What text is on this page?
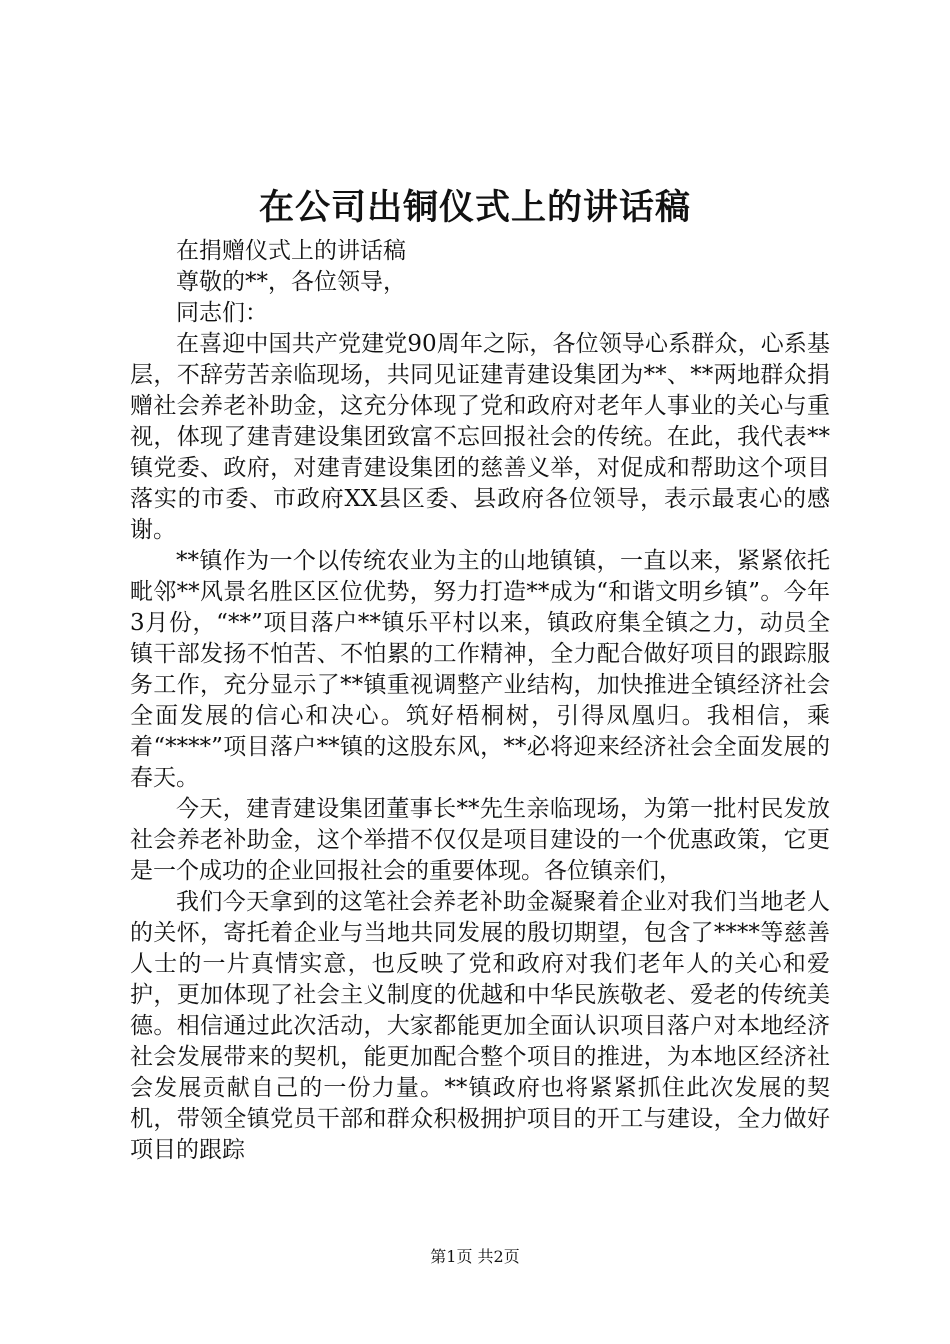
在公司出铜仪式上的讲话稿

在捐赠仪式上的讲话稿

尊敬的**，各位领导，

同志们：

在喜迎中国共产党建党90周年之际，各位领导心系群众，心系基层，不辞劳苦亲临现场，共同见证建青建设集团为**、**两地群众捐赠社会养老补助金，这充分体现了党和政府对老年人事业的关心与重视，体现了建青建设集团致富不忘回报社会的传统。在此，我代表**镇党委、政府，对建青建设集团的慈善义举，对促成和帮助这个项目落实的市委、市政府XX县区委、县政府各位领导，表示最衷心的感谢。

**镇作为一个以传统农业为主的山地镇镇，一直以来，紧紧依托毗邻**风景名胜区区位优势，努力打造**成为“和谐文明乡镇”。今年3月份，“**”项目落户**镇乐平村以来，镇政府集全镇之力，动员全镇干部发扬不怕苦、不怕累的工作精神，全力配合做好项目的跟踪服务工作，充分显示了**镇重视调整产业结构，加快推进全镇经济社会全面发展的信心和决心。筑好梧桐树，引得凤凰归。我相信，乘着“****”项目落户**镇的这股东风，**必将迎来经济社会全面发展的春天。

今天，建青建设集团董事长**先生亲临现场，为第一批村民发放社会养老补助金，这个举措不仅仅是项目建设的一个优惠政策，它更是一个成功的企业回报社会的重要体现。各位镇亲们，

我们今天拿到的这笔社会养老补助金凝聚着企业对我们当地老人的关怀，寄托着企业与当地共同发展的殷切期望，包含了****等慈善人士的一片真情实意，也反映了党和政府对我们老年人的关心和爱护，更加体现了社会主义制度的优越和中华民族敬老、爱老的传统美德。相信通过此次活动，大家都能更加全面认识项目落户对本地经济社会发展带来的契机，能更加配合整个项目的推进，为本地区经济社会发展贡献自己的一份力量。**镇政府也将紧紧抓住此次发展的契机，带领全镇党员干部和群众积极拥护项目的开工与建设，全力做好项目的跟踪

第1页 共2页
